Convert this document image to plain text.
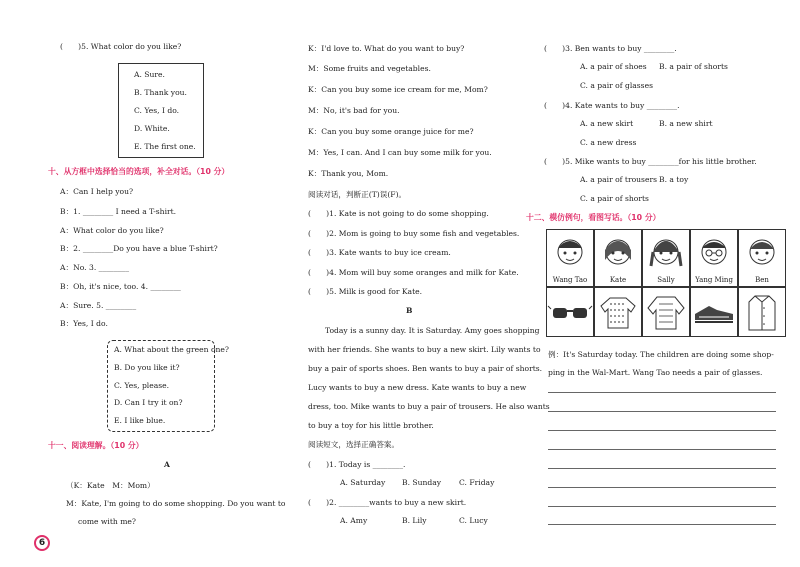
(　　)5. What color do you like?
A. Sure.
B. Thank you.
C. Yes, I do.
D. White.
E. The first one.
十、从方框中选择恰当的选项，补全对话。（10 分）
A：Can I help you?
B：1. ________ I need a T-shirt.
A：What color do you like?
B：2. ________Do you have a blue T-shirt?
A：No. 3. ________
B：Oh, it's nice, too. 4. ________
A：Sure. 5. ________
B：Yes, I do.
A. What about the green one?
B. Do you like it?
C. Yes, please.
D. Can I try it on?
E. I like blue.
十一、阅读理解。（10 分）
A
（K：Kate　M：Mom）
M：Kate, I'm going to do some shopping. Do you want to
come with me?
6
K：I'd love to. What do you want to buy?
M：Some fruits and vegetables.
K：Can you buy some ice cream for me, Mom?
M：No, it's bad for you.
K：Can you buy some orange juice for me?
M：Yes, I can. And I can buy some milk for you.
K：Thank you, Mom.
阅读对话，判断正(T)误(F)。
(　　)1. Kate is not going to do some shopping.
(　　)2. Mom is going to buy some fish and vegetables.
(　　)3. Kate wants to buy ice cream.
(　　)4. Mom will buy some oranges and milk for Kate.
(　　)5. Milk is good for Kate.
B
Today is a sunny day. It is Saturday. Amy goes shopping
with her friends. She wants to buy a new skirt. Lily wants to
buy a pair of sports shoes. Ben wants to buy a pair of shorts.
Lucy wants to buy a new dress. Kate wants to buy a new
dress, too. Mike wants to buy a pair of trousers. He also wants
to buy a toy for his little brother.
阅读短文，选择正确答案。
(　　)1. Today is ________.
A. Saturday B. Sunday C. Friday
(　　)2. ________wants to buy a new skirt.
A. Amy	B. Lily	C. Lucy
(　　)3. Ben wants to buy ________.
A. a pair of shoes B. a pair of shorts
C. a pair of glasses
(　　)4. Kate wants to buy ________.
A. a new skirt	B. a new shirt
C. a new dress
(　　)5. Mike wants to buy ________for his little brother.
A. a pair of trousers B. a toy
C. a pair of shorts
十二、模仿例句，看图写话。（10 分）
Wang Tao	Kate	Sally	Yang Ming	Ben
例：It's Saturday today. The children are doing some shop-
ping in the Wal-Mart. Wang Tao needs a pair of glasses.
